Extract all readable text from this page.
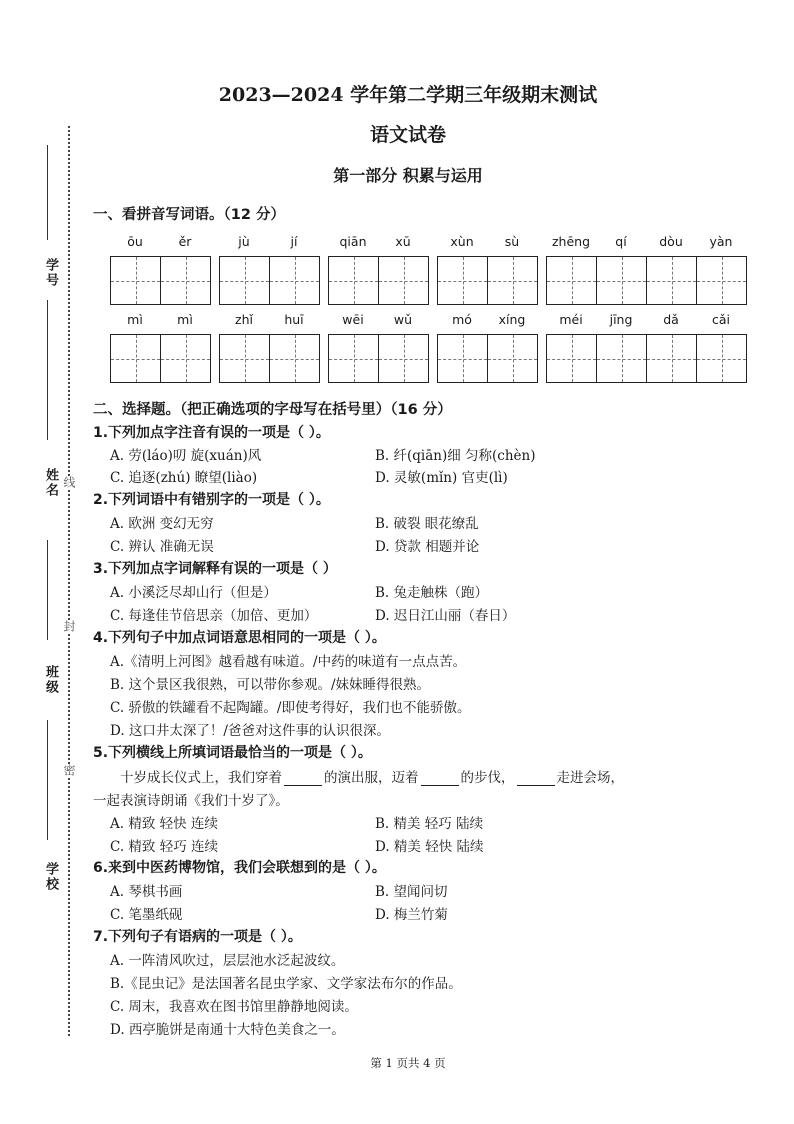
学号
姓名
班级
学校
线
封
密
2023—2024 学年第二学期三年级期末测试
语文试卷
第一部分 积累与运用
一、看拼音写词语。（12 分）
ōu	ěr	jù	jí	qiān	xū	xùn	sù	zhēng	qí	dòu	yàn
mì	mì	zhǐ	huī	wēi	wǔ	mó	xíng	méi	jīng	dǎ	cǎi
二、选择题。（把正确选项的字母写在括号里）（16 分）
1.下列加点字注音有误的一项是（ ）。
A. 劳(láo)叨 旋(xuán)风	B. 纤(qiān)细 匀称(chèn)
C. 追逐(zhú) 瞭望(liào)	D. 灵敏(mǐn) 官吏(lì)
2.下列词语中有错别字的一项是（ ）。
A. 欧洲 变幻无穷	B. 破裂 眼花缭乱
C. 辨认 准确无误	D. 贷款 相题并论
3.下列加点字词解释有误的一项是（ ）
A. 小溪泛尽却山行（但是）	B. 兔走触株（跑）
C. 每逢佳节倍思亲（加倍、更加）	D. 迟日江山丽（春日）
4.下列句子中加点词语意思相同的一项是（ ）。
A.《清明上河图》越看越有味道。/中药的味道有一点点苦。
B. 这个景区我很熟，可以带你参观。/妹妹睡得很熟。
C. 骄傲的铁罐看不起陶罐。/即使考得好，我们也不能骄傲。
D. 这口井太深了！/爸爸对这件事的认识很深。
5.下列横线上所填词语最恰当的一项是（ ）。
十岁成长仪式上，我们穿着	的演出服，迈着	的步伐，	走进会场，
一起表演诗朗诵《我们十岁了》。
A. 精致 轻快 连续	B. 精美 轻巧 陆续
C. 精致 轻巧 连续	D. 精美 轻快 陆续
6.来到中医药博物馆，我们会联想到的是（ ）。
A. 琴棋书画	B. 望闻问切
C. 笔墨纸砚	D. 梅兰竹菊
7.下列句子有语病的一项是（ ）。
A. 一阵清风吹过，层层池水泛起波纹。
B.《昆虫记》是法国著名昆虫学家、文学家法布尔的作品。
C. 周末，我喜欢在图书馆里静静地阅读。
D. 西亭脆饼是南通十大特色美食之一。
第 1 页共 4 页
